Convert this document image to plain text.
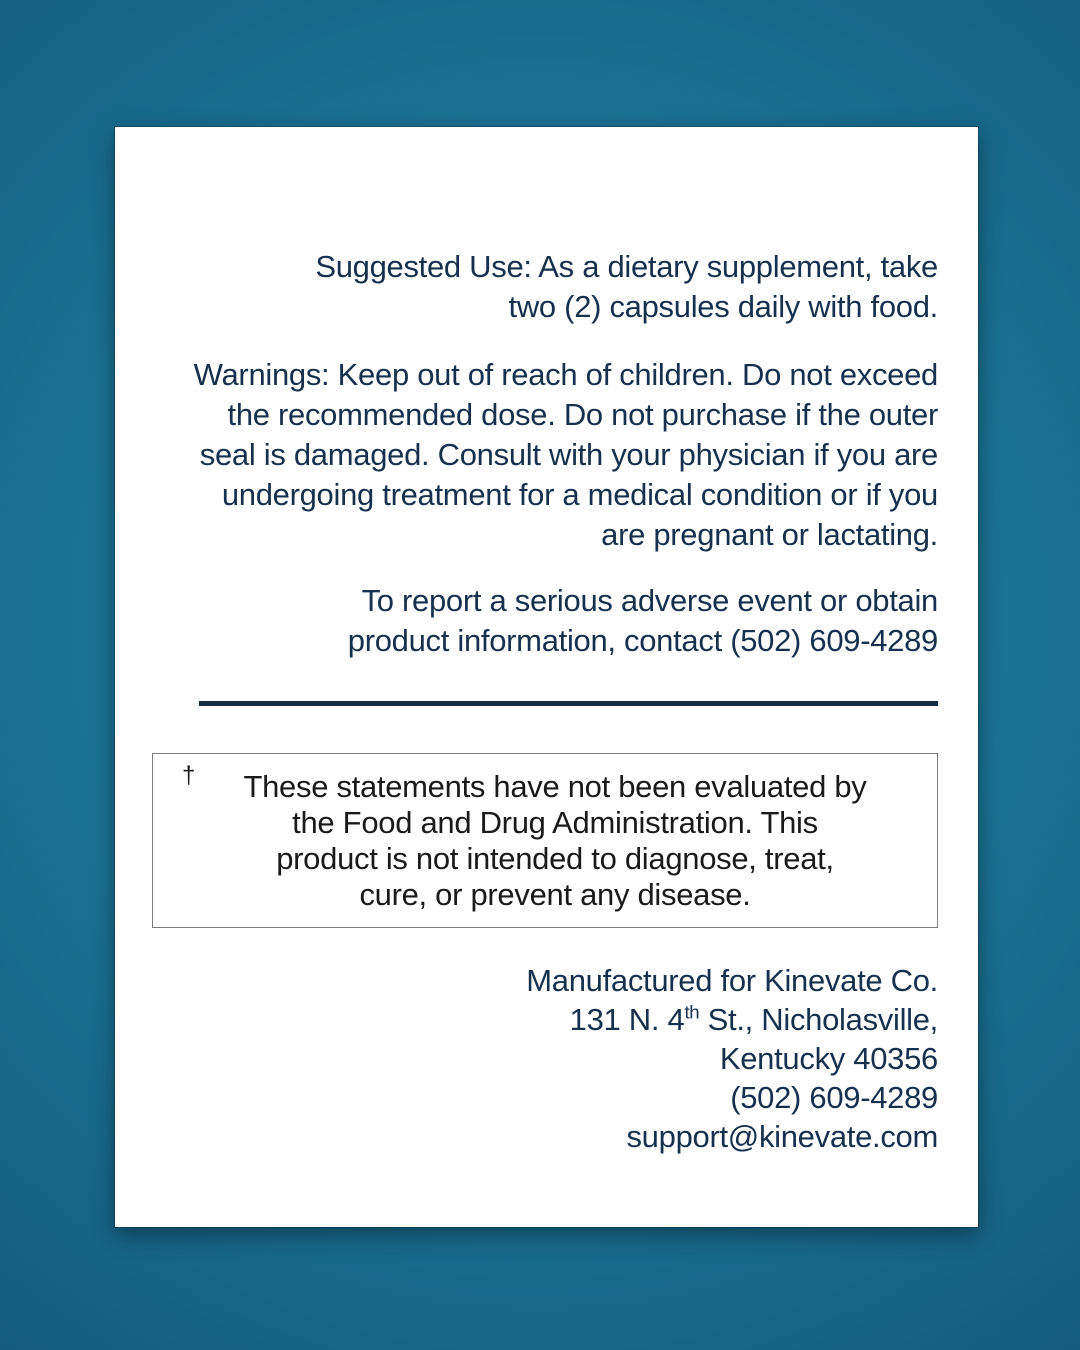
Suggested Use: As a dietary supplement, take
two (2) capsules daily with food.
Warnings: Keep out of reach of children. Do not exceed
the recommended dose. Do not purchase if the outer
seal is damaged. Consult with your physician if you are
undergoing treatment for a medical condition or if you
are pregnant or lactating.
To report a serious adverse event or obtain
product information, contact (502) 609-4289
†	These statements have not been evaluated by
the Food and Drug Administration. This
product is not intended to diagnose, treat,
cure, or prevent any disease.
Manufactured for Kinevate Co.
131 N. 4th St., Nicholasville,
Kentucky 40356
(502) 609-4289
support@kinevate.com
